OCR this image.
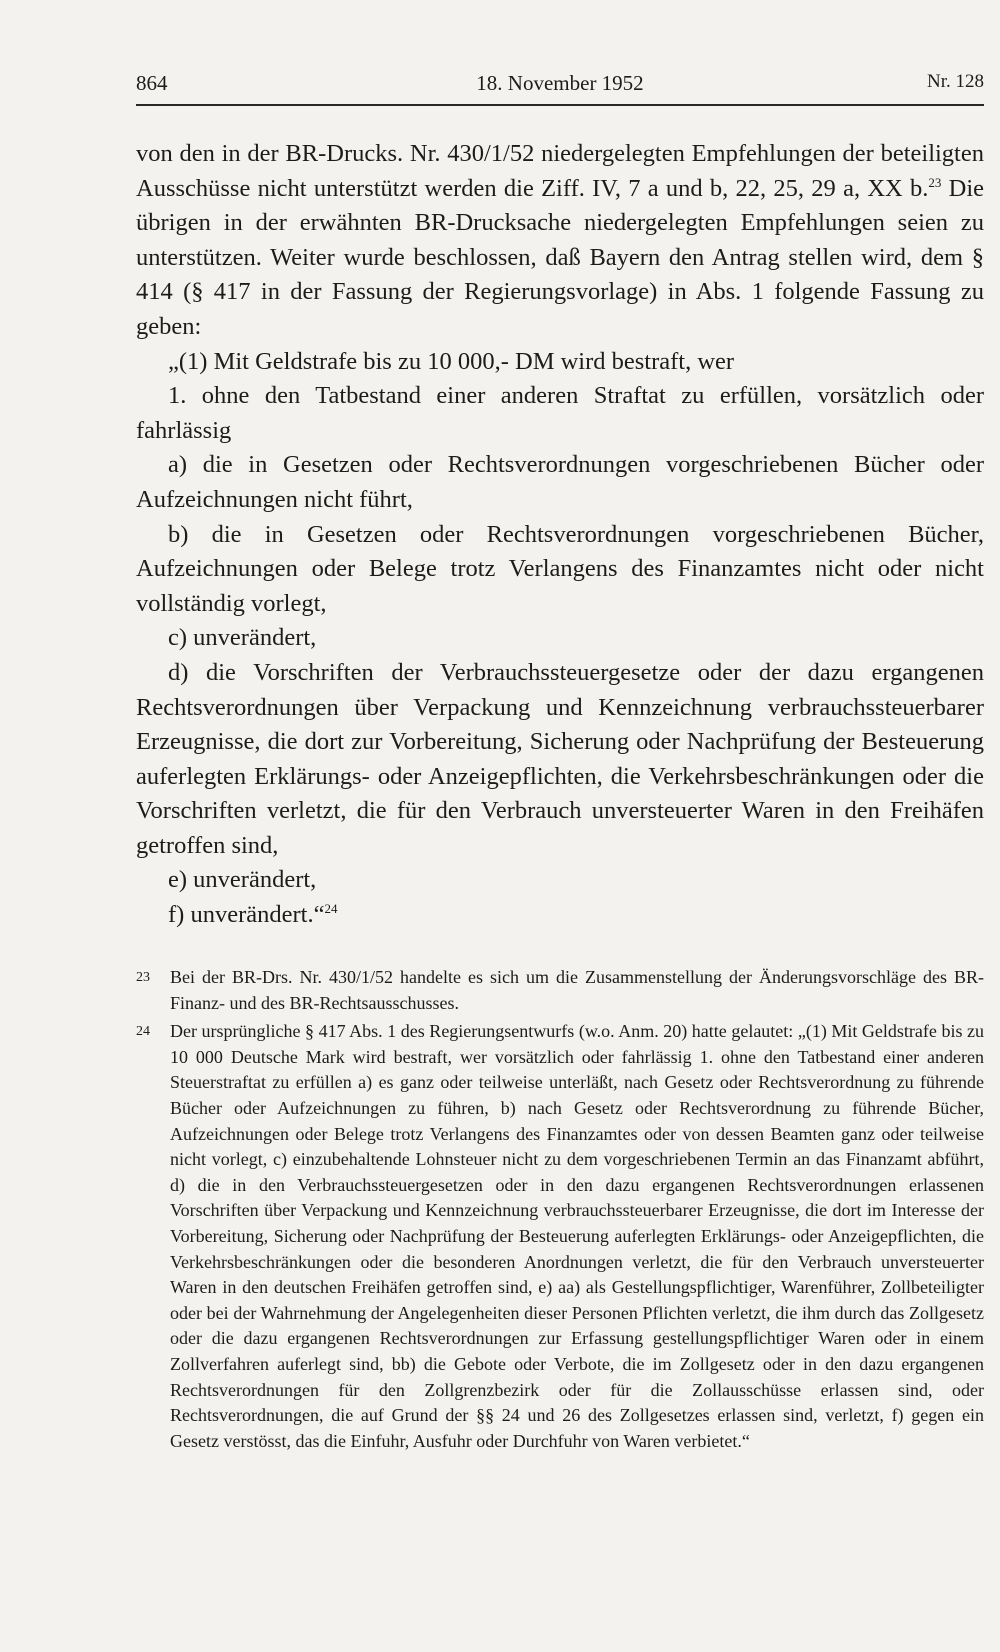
864	18. November 1952	Nr. 128

von den in der BR-Drucks. Nr. 430/1/52 niedergelegten Empfehlungen der beteiligten Ausschüsse nicht unterstützt werden die Ziff. IV, 7 a und b, 22, 25, 29 a, XX b.$^{23}$ Die übrigen in der erwähnten BR-Drucksache niedergelegten Empfehlungen seien zu unterstützen. Weiter wurde beschlossen, daß Bayern den Antrag stellen wird, dem § 414 (§ 417 in der Fassung der Regierungsvorlage) in Abs. 1 folgende Fassung zu geben:

„(1) Mit Geldstrafe bis zu 10 000,- DM wird bestraft, wer

1. ohne den Tatbestand einer anderen Straftat zu erfüllen, vorsätzlich oder fahrlässig

a) die in Gesetzen oder Rechtsverordnungen vorgeschriebenen Bücher oder Aufzeichnungen nicht führt,

b) die in Gesetzen oder Rechtsverordnungen vorgeschriebenen Bücher, Aufzeichnungen oder Belege trotz Verlangens des Finanzamtes nicht oder nicht vollständig vorlegt,

c) unverändert,

d) die Vorschriften der Verbrauchssteuergesetze oder der dazu ergangenen Rechtsverordnungen über Verpackung und Kennzeichnung verbrauchssteuerbarer Erzeugnisse, die dort zur Vorbereitung, Sicherung oder Nachprüfung der Besteuerung auferlegten Erklärungs- oder Anzeigepflichten, die Verkehrsbeschränkungen oder die Vorschriften verletzt, die für den Verbrauch unversteuerter Waren in den Freihäfen getroffen sind,

e) unverändert,

f) unverändert.“$^{24}$

23 Bei der BR-Drs. Nr. 430/1/52 handelte es sich um die Zusammenstellung der Änderungsvorschläge des BR-Finanz- und des BR-Rechtsausschusses.
24 Der ursprüngliche § 417 Abs. 1 des Regierungsentwurfs (w.o. Anm. 20) hatte gelautet: „(1) Mit Geldstrafe bis zu 10 000 Deutsche Mark wird bestraft, wer vorsätzlich oder fahrlässig 1. ohne den Tatbestand einer anderen Steuerstraftat zu erfüllen a) es ganz oder teilweise unterläßt, nach Gesetz oder Rechtsverordnung zu führende Bücher oder Aufzeichnungen zu führen, b) nach Gesetz oder Rechtsverordnung zu führende Bücher, Aufzeichnungen oder Belege trotz Verlangens des Finanzamtes oder von dessen Beamten ganz oder teilweise nicht vorlegt, c) einzubehaltende Lohnsteuer nicht zu dem vorgeschriebenen Termin an das Finanzamt abführt, d) die in den Verbrauchssteuergesetzen oder in den dazu ergangenen Rechtsverordnungen erlassenen Vorschriften über Verpackung und Kennzeichnung verbrauchssteuerbarer Erzeugnisse, die dort im Interesse der Vorbereitung, Sicherung oder Nachprüfung der Besteuerung auferlegten Erklärungs- oder Anzeigepflichten, die Verkehrsbeschränkungen oder die besonderen Anordnungen verletzt, die für den Verbrauch unversteuerter Waren in den deutschen Freihäfen getroffen sind, e) aa) als Gestellungspflichtiger, Warenführer, Zollbeteiligter oder bei der Wahrnehmung der Angelegenheiten dieser Personen Pflichten verletzt, die ihm durch das Zollgesetz oder die dazu ergangenen Rechtsverordnungen zur Erfassung gestellungspflichtiger Waren oder in einem Zollverfahren auferlegt sind, bb) die Gebote oder Verbote, die im Zollgesetz oder in den dazu ergangenen Rechtsverordnungen für den Zollgrenzbezirk oder für die Zollausschüsse erlassen sind, oder Rechtsverordnungen, die auf Grund der §§ 24 und 26 des Zollgesetzes erlassen sind, verletzt, f) gegen ein Gesetz verstösst, das die Einfuhr, Ausfuhr oder Durchfuhr von Waren verbietet.“
